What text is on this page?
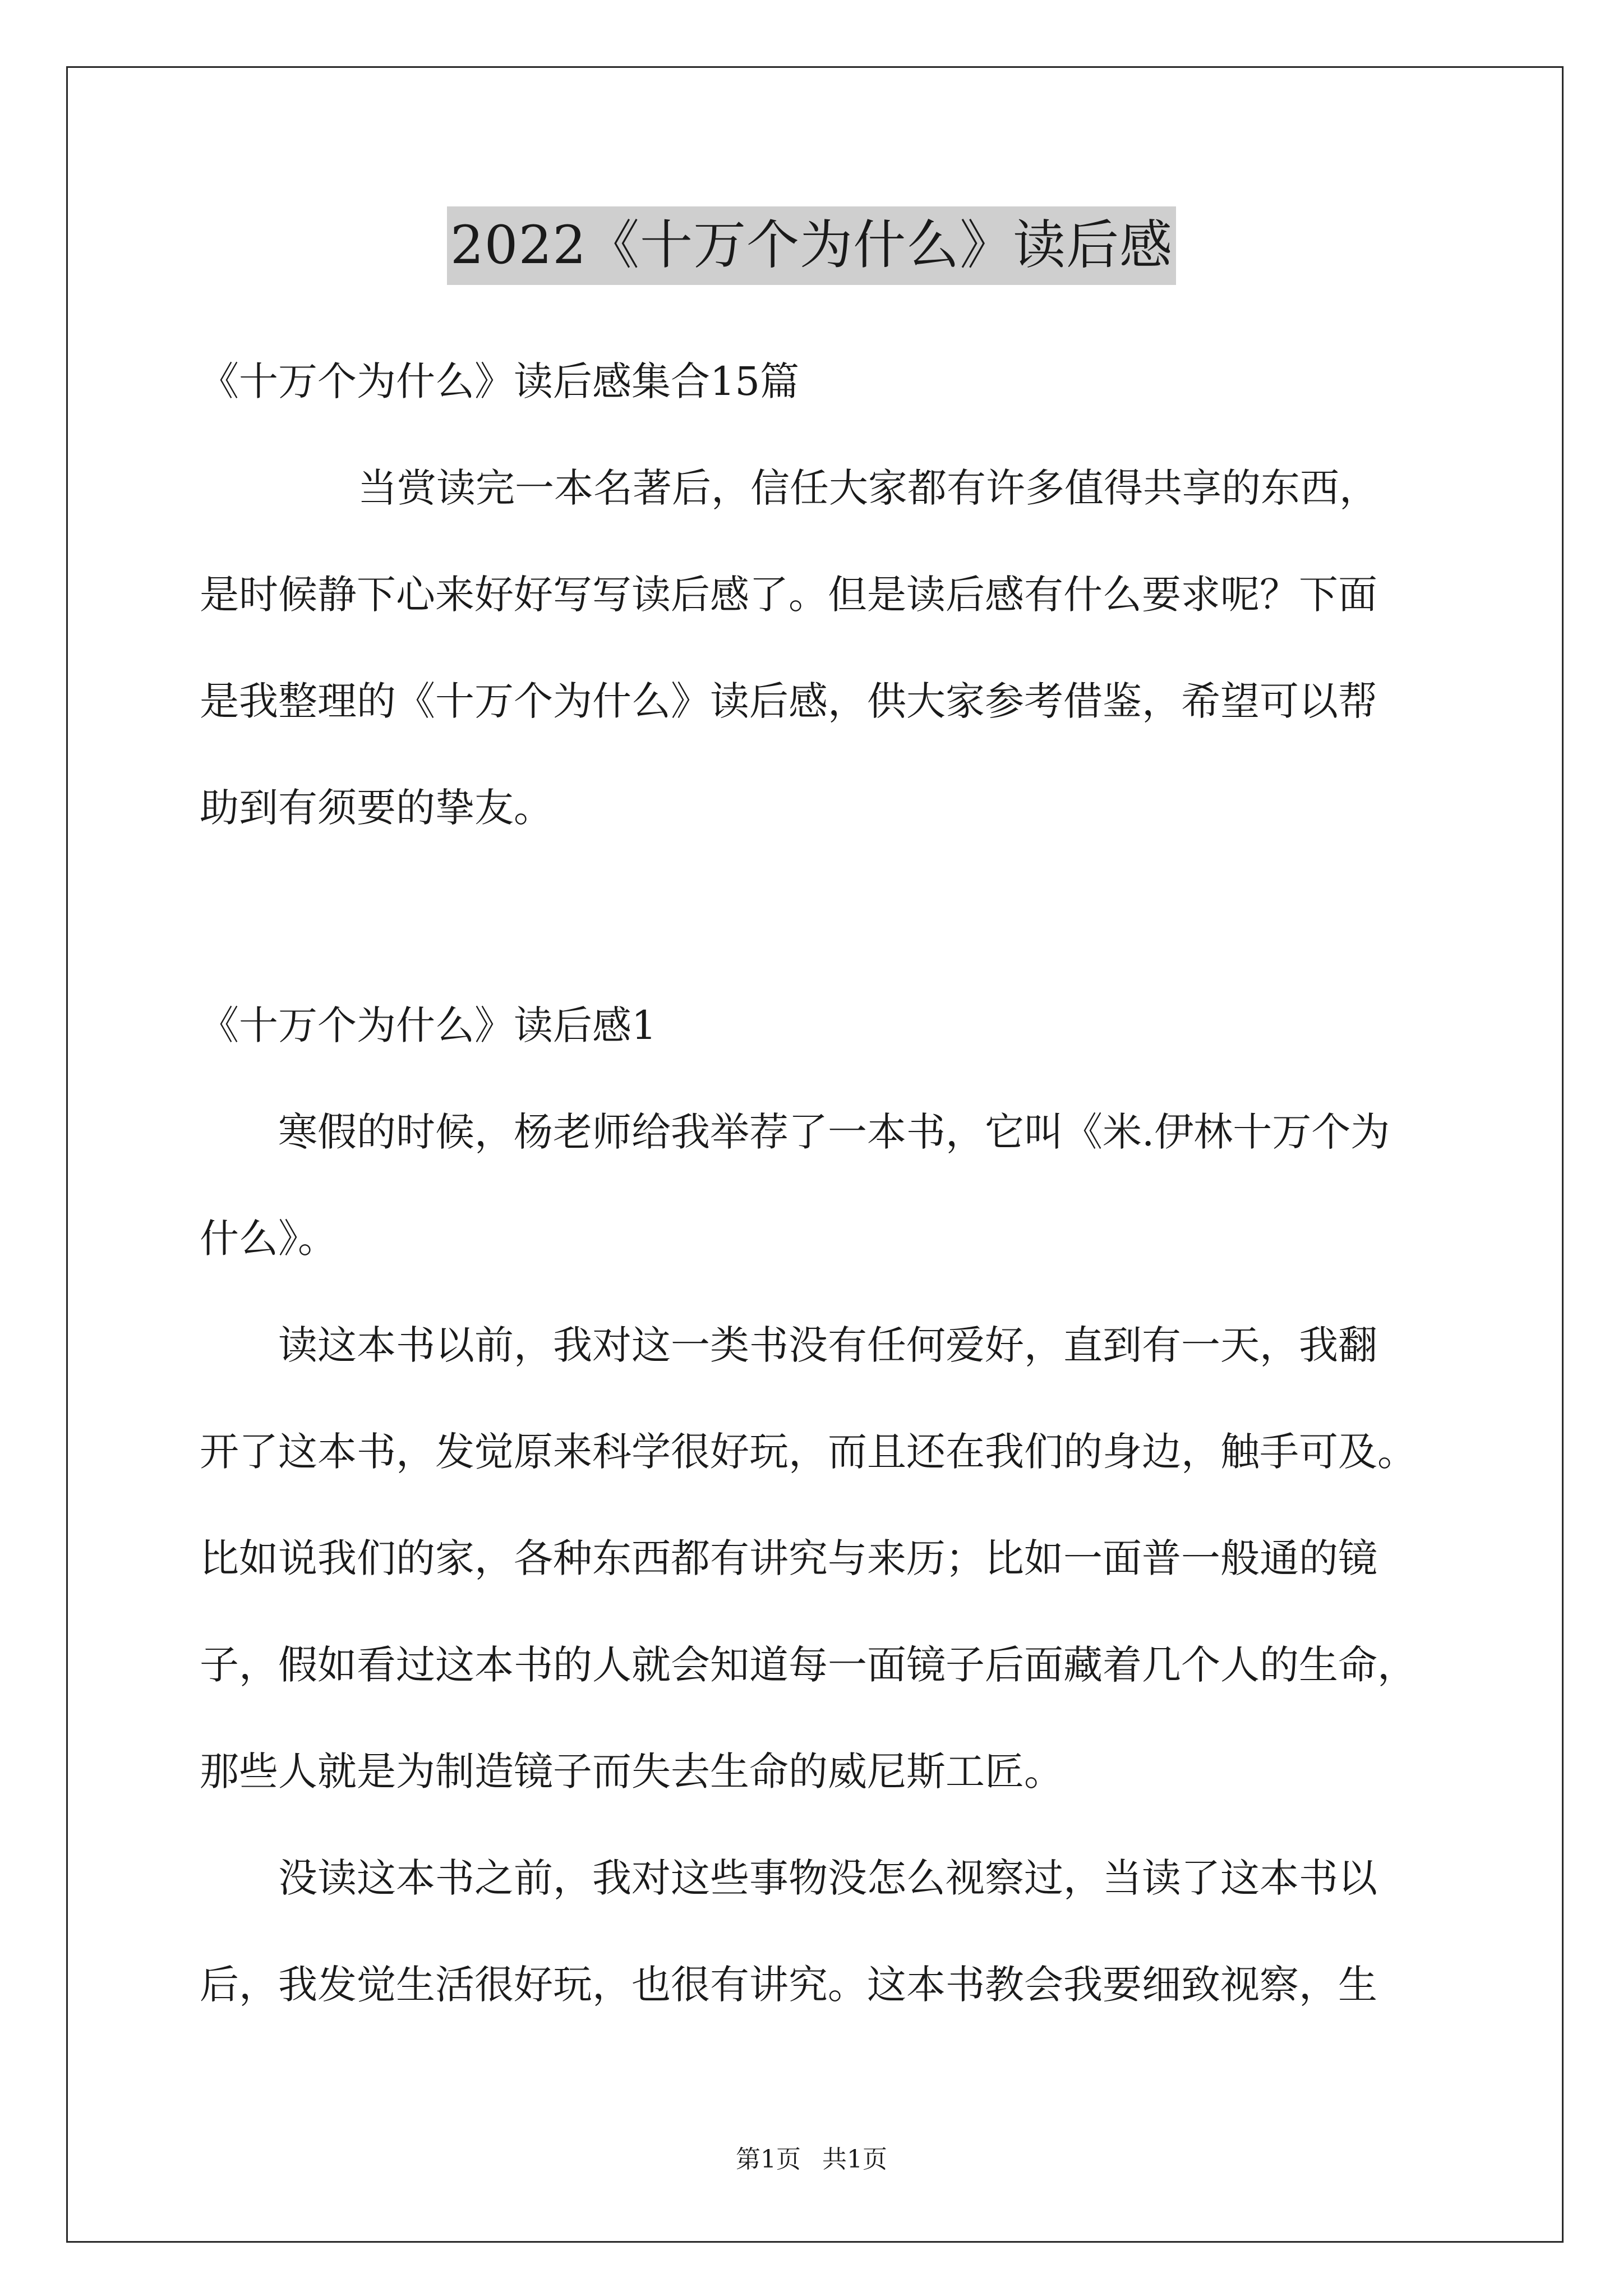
2022《十万个为什么》读后感
《十万个为什么》读后感集合15篇
当赏读完一本名著后，信任大家都有许多值得共享的东西，
是时候静下心来好好写写读后感了。但是读后感有什么要求呢？下面
是我整理的《十万个为什么》读后感，供大家参考借鉴，希望可以帮
助到有须要的挚友。
《十万个为什么》读后感1
寒假的时候，杨老师给我举荐了一本书，它叫《米.伊林十万个为
什么》。
读这本书以前，我对这一类书没有任何爱好，直到有一天，我翻
开了这本书，发觉原来科学很好玩，而且还在我们的身边，触手可及。
比如说我们的家，各种东西都有讲究与来历；比如一面普一般通的镜
子，假如看过这本书的人就会知道每一面镜子后面藏着几个人的生命，
那些人就是为制造镜子而失去生命的威尼斯工匠。
没读这本书之前，我对这些事物没怎么视察过，当读了这本书以
后，我发觉生活很好玩，也很有讲究。这本书教会我要细致视察，生
第1页 共1页
